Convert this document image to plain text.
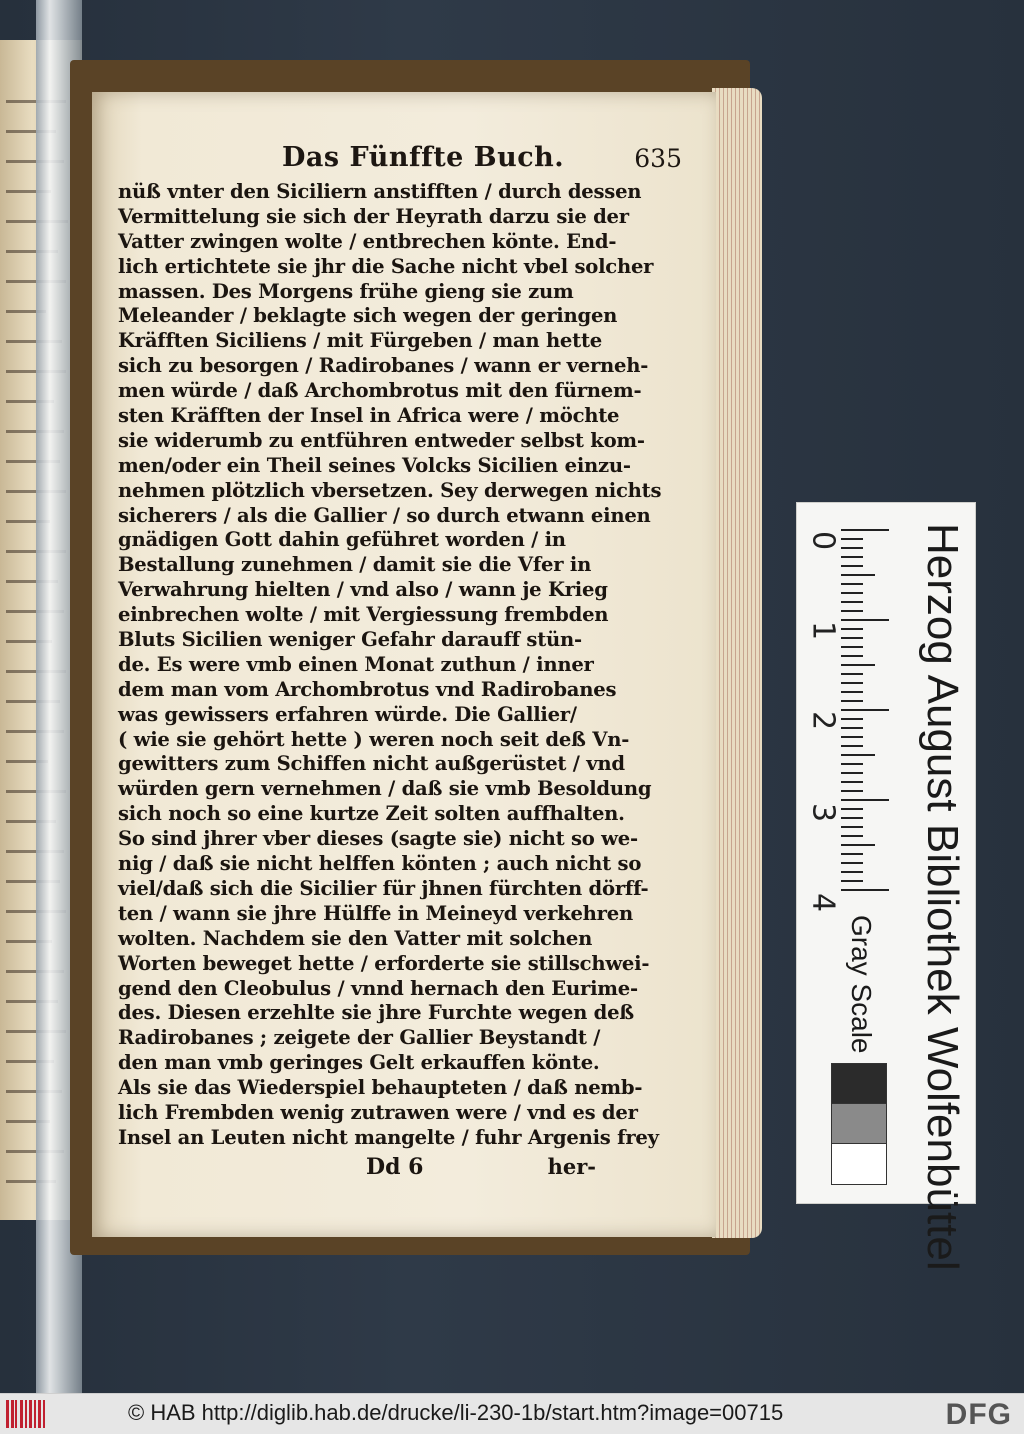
Das Fünffte Buch.	635
nüß vnter den Siciliern anstifften / durch dessen
Vermittelung sie sich der Heyrath darzu sie der
Vatter zwingen wolte / entbrechen könte. End-
lich ertichtete sie jhr die Sache nicht vbel solcher
massen. Des Morgens frühe gieng sie zum
Meleander / beklagte sich wegen der geringen
Kräfften Siciliens / mit Fürgeben / man hette
sich zu besorgen / Radirobanes / wann er verneh-
men würde / daß Archombrotus mit den fürnem-
sten Kräfften der Insel in Africa were / möchte
sie widerumb zu entführen entweder selbst kom-
men/oder ein Theil seines Volcks Sicilien einzu-
nehmen plötzlich vbersetzen. Sey derwegen nichts
sicherers / als die Gallier / so durch etwann einen
gnädigen Gott dahin geführet worden / in
Bestallung zunehmen / damit sie die Vfer in
Verwahrung hielten / vnd also / wann je Krieg
einbrechen wolte / mit Vergiessung frembden
Bluts Sicilien weniger Gefahr darauff stün-
de. Es were vmb einen Monat zuthun / inner
dem man vom Archombrotus vnd Radirobanes
was gewissers erfahren würde. Die Gallier/
( wie sie gehört hette ) weren noch seit deß Vn-
gewitters zum Schiffen nicht außgerüstet / vnd
würden gern vernehmen / daß sie vmb Besoldung
sich noch so eine kurtze Zeit solten auffhalten.
So sind jhrer vber dieses (sagte sie) nicht so we-
nig / daß sie nicht helffen könten ; auch nicht so
viel/daß sich die Sicilier für jhnen fürchten dörff-
ten / wann sie jhre Hülffe in Meineyd verkehren
wolten. Nachdem sie den Vatter mit solchen
Worten beweget hette / erforderte sie stillschwei-
gend den Cleobulus / vnnd hernach den Eurime-
des. Diesen erzehlte sie jhre Furchte wegen deß
Radirobanes ; zeigete der Gallier Beystandt /
den man vmb geringes Gelt erkauffen könte.
Als sie das Wiederspiel behaupteten / daß nemb-
lich Frembden wenig zutrawen were / vnd es der
Insel an Leuten nicht mangelte / fuhr Argenis frey
Dd 6	her-
0
1
2
3
4 Herzog August Bibliothek Wolfenbüttel
Gray Scale
© HAB http://diglib.hab.de/drucke/li-230-1b/start.htm?image=00715	DFG
